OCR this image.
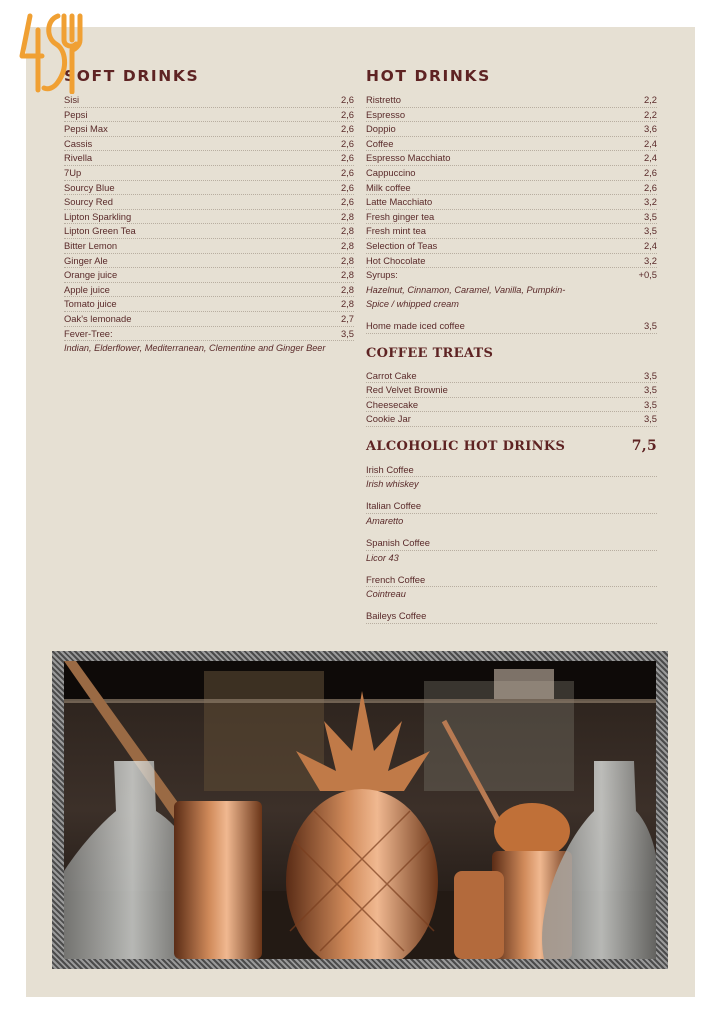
SOFT DRINKS
Sisi	2,6
Pepsi	2,6
Pepsi Max	2,6
Cassis	2,6
Rivella	2,6
7Up	2,6
Sourcy Blue	2,6
Sourcy Red	2,6
Lipton Sparkling	2,8
Lipton Green Tea	2,8
Bitter Lemon	2,8
Ginger Ale	2,8
Orange juice	2,8
Apple juice	2,8
Tomato juice	2,8
Oak's lemonade	2,7
Fever-Tree:	3,5
Indian, Elderflower, Mediterranean, Clementine and Ginger Beer
HOT DRINKS
Ristretto	2,2
Espresso	2,2
Doppio	3,6
Coffee	2,4
Espresso Macchiato	2,4
Cappuccino	2,6
Milk coffee	2,6
Latte Macchiato	3,2
Fresh ginger tea	3,5
Fresh mint tea	3,5
Selection of Teas	2,4
Hot Chocolate	3,2
Syrups:	+0,5
Hazelnut, Cinnamon, Caramel, Vanilla, Pumpkin-
Spice / whipped cream
Home made iced coffee	3,5
COFFEE TREATS
Carrot Cake	3,5
Red Velvet Brownie	3,5
Cheesecake	3,5
Cookie Jar	3,5
ALCOHOLIC HOT DRINKS	7,5
Irish Coffee
Irish whiskey
Italian Coffee
Amaretto
Spanish Coffee
Licor 43
French Coffee
Cointreau
Baileys Coffee
